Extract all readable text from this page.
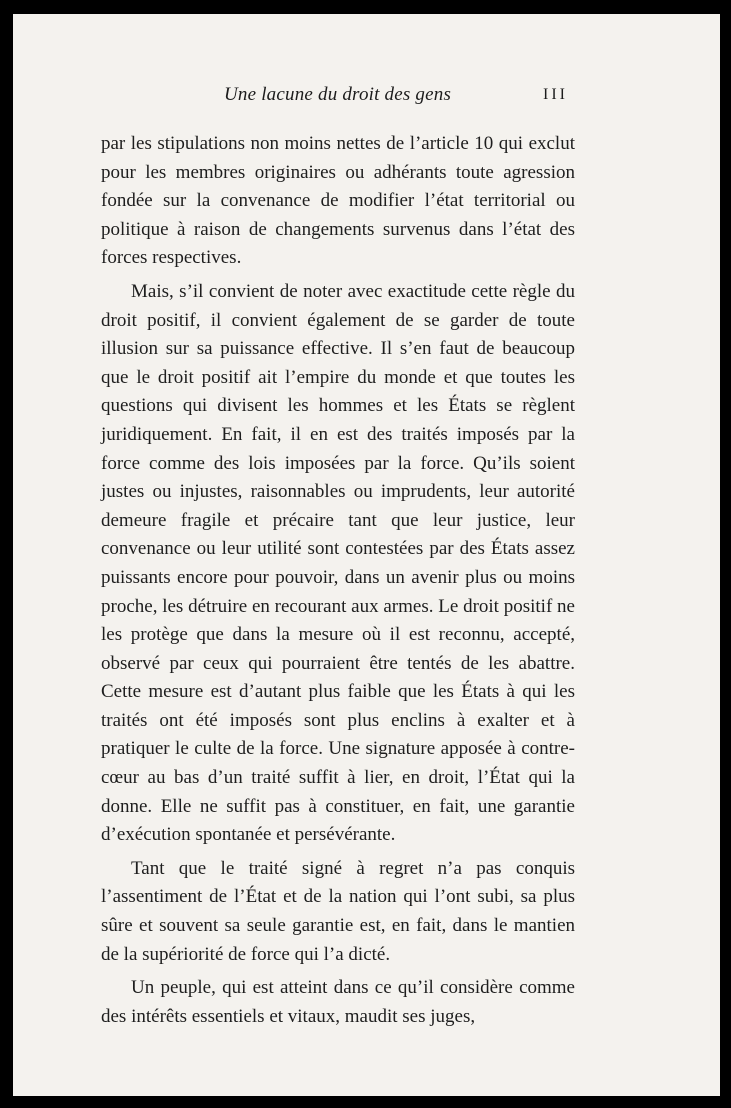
Une lacune du droit des gens	III

par les stipulations non moins nettes de l’article 10 qui exclut pour les membres originaires ou adhérants toute agression fondée sur la convenance de modifier l’état territorial ou politique à raison de changements survenus dans l’état des forces respectives.

Mais, s’il convient de noter avec exactitude cette règle du droit positif, il convient également de se garder de toute illusion sur sa puissance effective. Il s’en faut de beaucoup que le droit positif ait l’empire du monde et que toutes les questions qui divisent les hommes et les États se règlent juridiquement. En fait, il en est des traités imposés par la force comme des lois imposées par la force. Qu’ils soient justes ou injustes, raisonnables ou imprudents, leur autorité demeure fragile et précaire tant que leur justice, leur convenance ou leur utilité sont contestées par des États assez puissants encore pour pouvoir, dans un avenir plus ou moins proche, les détruire en recourant aux armes. Le droit positif ne les protège que dans la mesure où il est reconnu, accepté, observé par ceux qui pourraient être tentés de les abattre. Cette mesure est d’autant plus faible que les États à qui les traités ont été imposés sont plus enclins à exalter et à pratiquer le culte de la force. Une signature apposée à contre-cœur au bas d’un traité suffit à lier, en droit, l’État qui la donne. Elle ne suffit pas à constituer, en fait, une garantie d’exécution spontanée et persévérante.

Tant que le traité signé à regret n’a pas conquis l’assentiment de l’État et de la nation qui l’ont subi, sa plus sûre et souvent sa seule garantie est, en fait, dans le mantien de la supériorité de force qui l’a dicté.

Un peuple, qui est atteint dans ce qu’il considère comme des intérêts essentiels et vitaux, maudit ses juges,
